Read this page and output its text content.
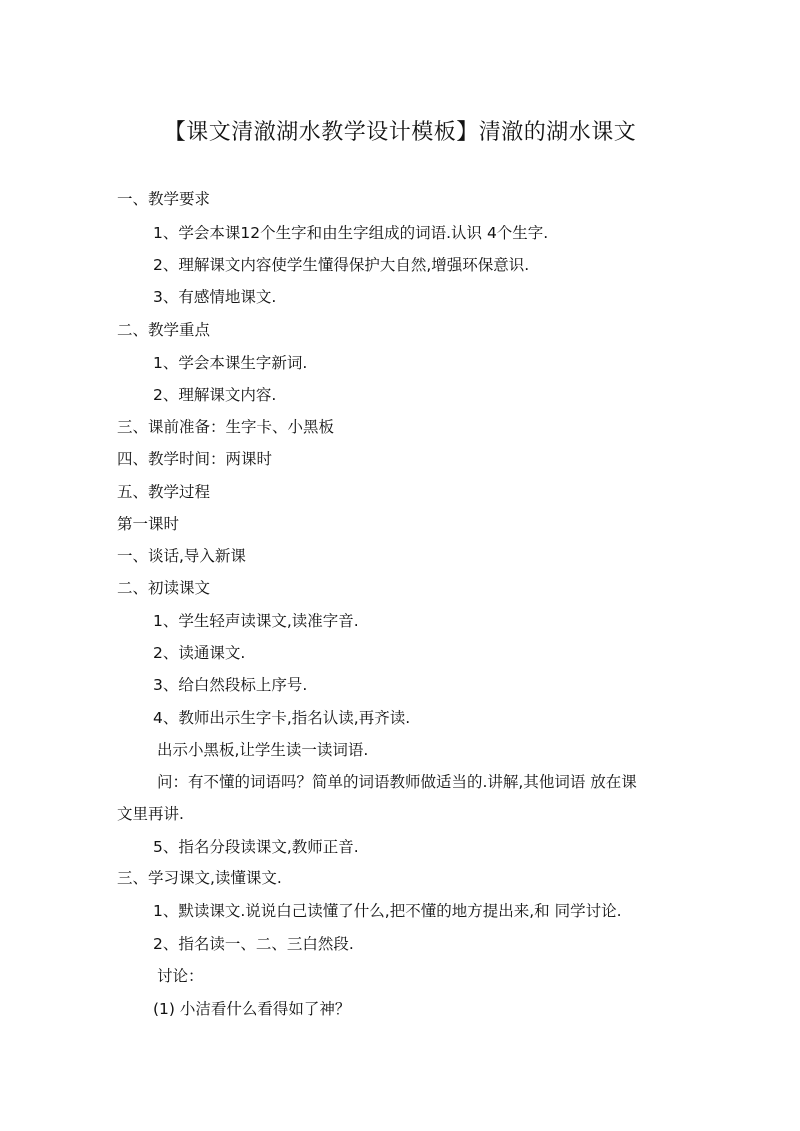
【课文清澈湖水教学设计模板】清澈的湖水课文
一、教学要求
1、学会本课12个生字和由生字组成的词语.认识 4个生字.
2、理解课文内容使学生懂得保护大自然,增强环保意识.
3、有感情地课文.
二、教学重点
1、学会本课生字新词.
2、理解课文内容.
三、课前准备：生字卡、小黑板
四、教学时间：两课时
五、教学过程
第一课时
一、谈话,导入新课
二、初读课文
1、学生轻声读课文,读准字音.
2、读通课文.
3、给白然段标上序号.
4、教师出示生字卡,指名认读,再齐读.
出示小黑板,让学生读一读词语.
问：有不懂的词语吗？简单的词语教师做适当的.讲解,其他词语 放在课
文里再讲.
5、指名分段读课文,教师正音.
三、学习课文,读懂课文.
1、默读课文.说说白己读懂了什么,把不懂的地方提出来,和 同学讨论.
2、指名读一、二、三白然段.
讨论：
(1) 小洁看什么看得如了神？
